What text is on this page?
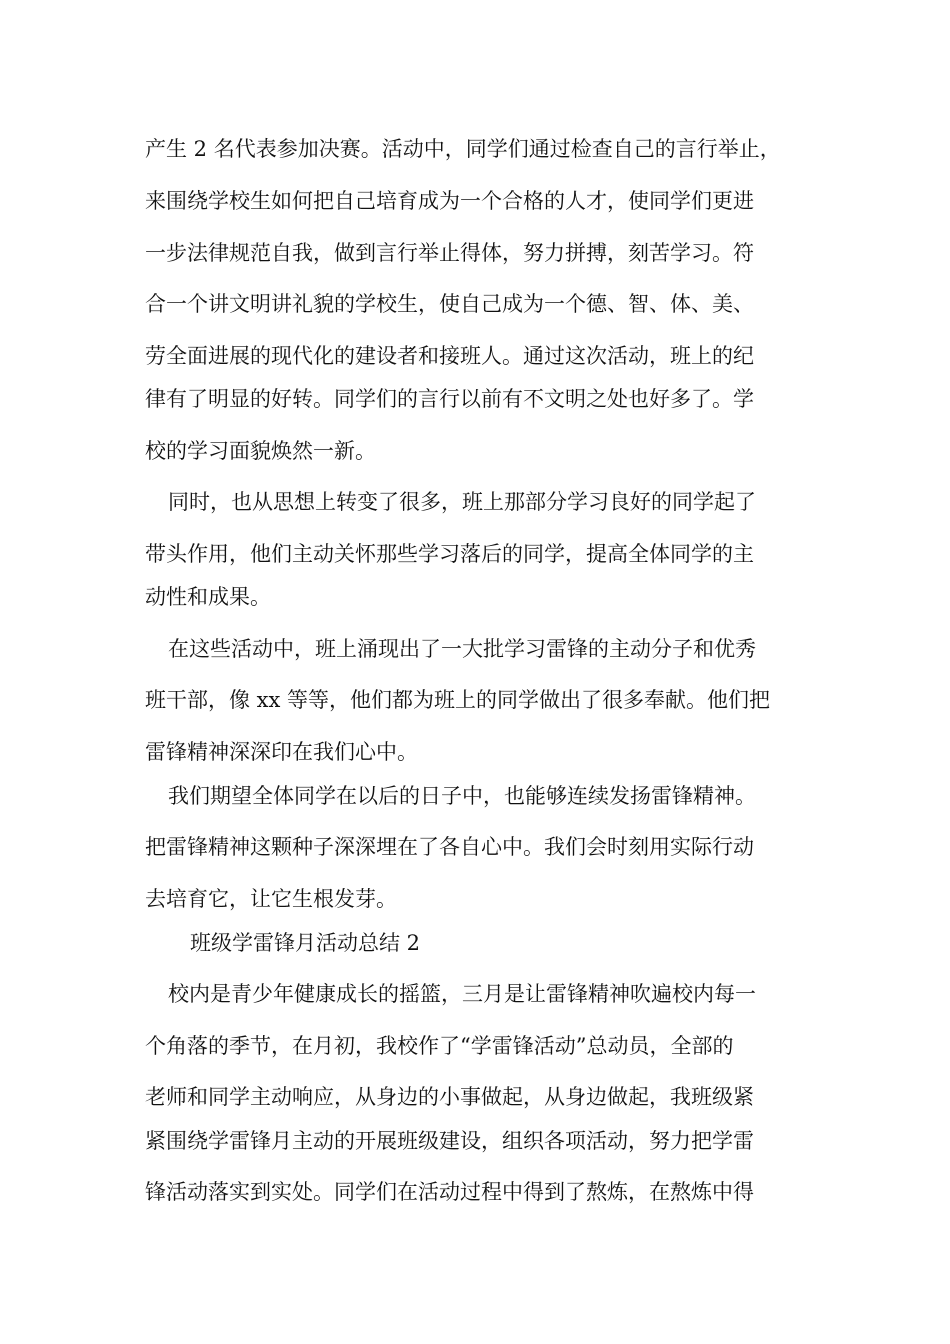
产生 2 名代表参加决赛。活动中，同学们通过检查自己的言行举止，
来围绕学校生如何把自己培育成为一个合格的人才，使同学们更进
一步法律规范自我，做到言行举止得体，努力拼搏，刻苦学习。符
合一个讲文明讲礼貌的学校生，使自己成为一个德、智、体、美、
劳全面进展的现代化的建设者和接班人。通过这次活动，班上的纪
律有了明显的好转。同学们的言行以前有不文明之处也好多了。学
校的学习面貌焕然一新。
同时，也从思想上转变了很多，班上那部分学习良好的同学起了
带头作用，他们主动关怀那些学习落后的同学，提高全体同学的主
动性和成果。
在这些活动中，班上涌现出了一大批学习雷锋的主动分子和优秀
班干部，像 xx 等等，他们都为班上的同学做出了很多奉献。他们把
雷锋精神深深印在我们心中。
我们期望全体同学在以后的日子中，也能够连续发扬雷锋精神。
把雷锋精神这颗种子深深埋在了各自心中。我们会时刻用实际行动
去培育它，让它生根发芽。
班级学雷锋月活动总结 2
校内是青少年健康成长的摇篮，三月是让雷锋精神吹遍校内每一
个角落的季节，在月初，我校作了“学雷锋活动”总动员，全部的
老师和同学主动响应，从身边的小事做起，从身边做起，我班级紧
紧围绕学雷锋月主动的开展班级建设，组织各项活动，努力把学雷
锋活动落实到实处。同学们在活动过程中得到了熬炼，在熬炼中得
